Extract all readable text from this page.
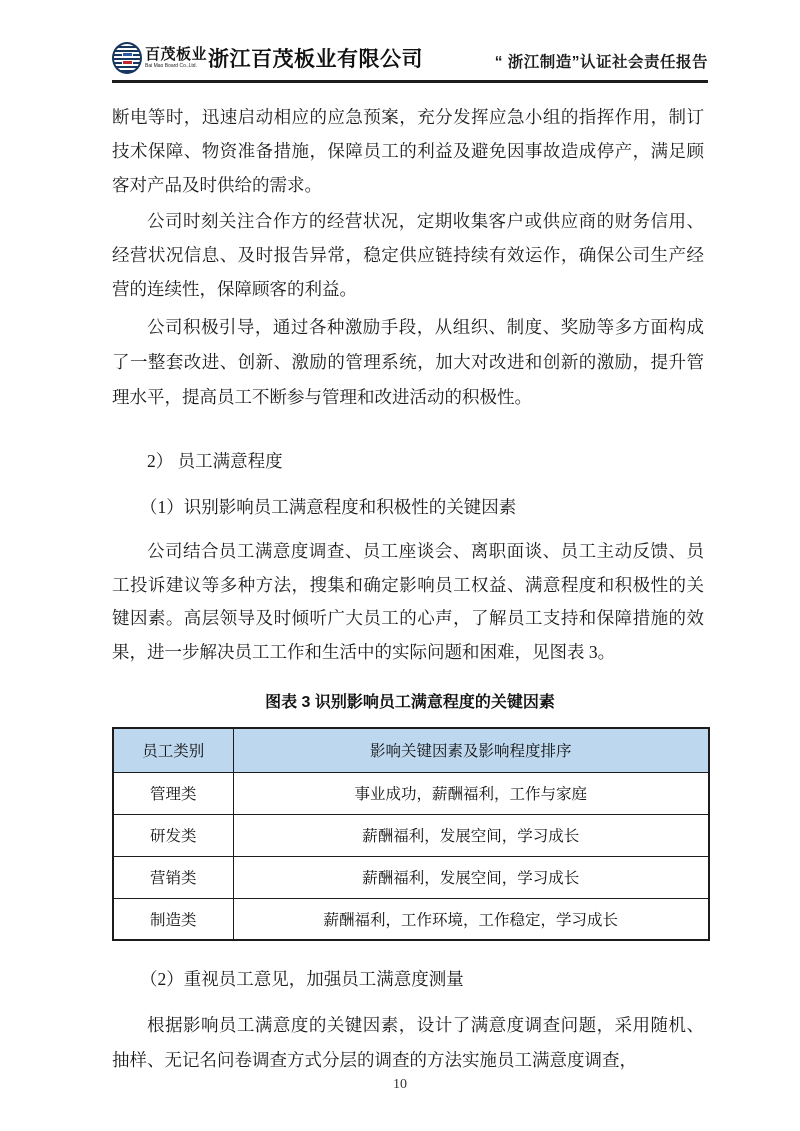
百茂板业
Bai Mao Board Co.,Ltd. 浙江百茂板业有限公司	“ 浙江制造”认证社会责任报告

断电等时，迅速启动相应的应急预案，充分发挥应急小组的指挥作用，制订技术保障、物资准备措施，保障员工的利益及避免因事故造成停产，满足顾客对产品及时供给的需求。

公司时刻关注合作方的经营状况，定期收集客户或供应商的财务信用、经营状况信息、及时报告异常，稳定供应链持续有效运作，确保公司生产经营的连续性，保障顾客的利益。

公司积极引导，通过各种激励手段，从组织、制度、奖励等多方面构成了一整套改进、创新、激励的管理系统，加大对改进和创新的激励，提升管理水平，提高员工不断参与管理和改进活动的积极性。

2） 员工满意程度

（1）识别影响员工满意程度和积极性的关键因素

公司结合员工满意度调查、员工座谈会、离职面谈、员工主动反馈、员工投诉建议等多种方法，搜集和确定影响员工权益、满意程度和积极性的关键因素。高层领导及时倾听广大员工的心声，了解员工支持和保障措施的效果，进一步解决员工工作和生活中的实际问题和困难，见图表 3。

图表 3 识别影响员工满意程度的关键因素

员工类别	影响关键因素及影响程度排序
管理类	事业成功，薪酬福利，工作与家庭
研发类	薪酬福利，发展空间，学习成长
营销类	薪酬福利，发展空间，学习成长
制造类	薪酬福利，工作环境，工作稳定，学习成长

（2）重视员工意见，加强员工满意度测量

根据影响员工满意度的关键因素，设计了满意度调查问题，采用随机、抽样、无记名问卷调查方式分层的调查的方法实施员工满意度调查，

10
